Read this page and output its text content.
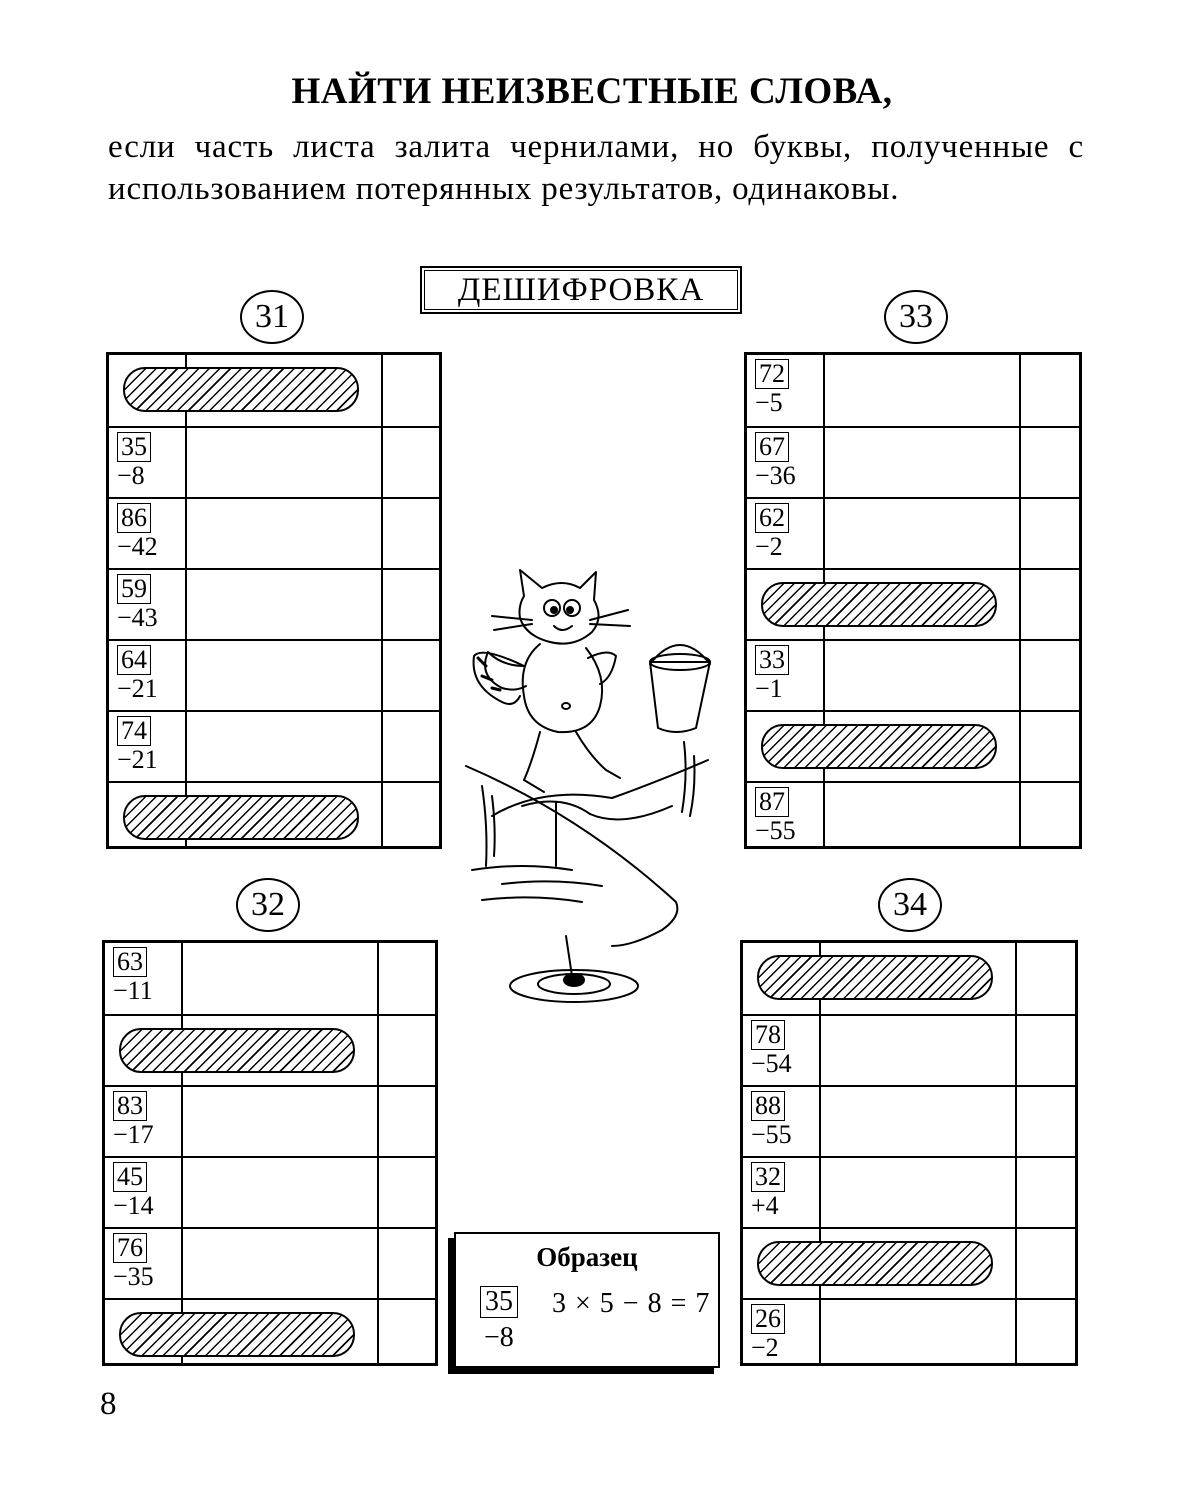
НАЙТИ НЕИЗВЕСТНЫЕ СЛОВА,
если часть листа залита чернилами, но буквы, полученные с использованием потерянных результатов, одинаковы.
ДЕШИФРОВКА
31
35
−8
86
−42
59
−43
64
−21
74
−21
32
63
−11
83
−17
45
−14
76
−35
33
72
−5
67
−36
62
−2
33
−1
87
−55
34
78
−54
88
−55
32
+4
26
−2
Образец
35
−8
3 × 5 − 8 = 7
8
